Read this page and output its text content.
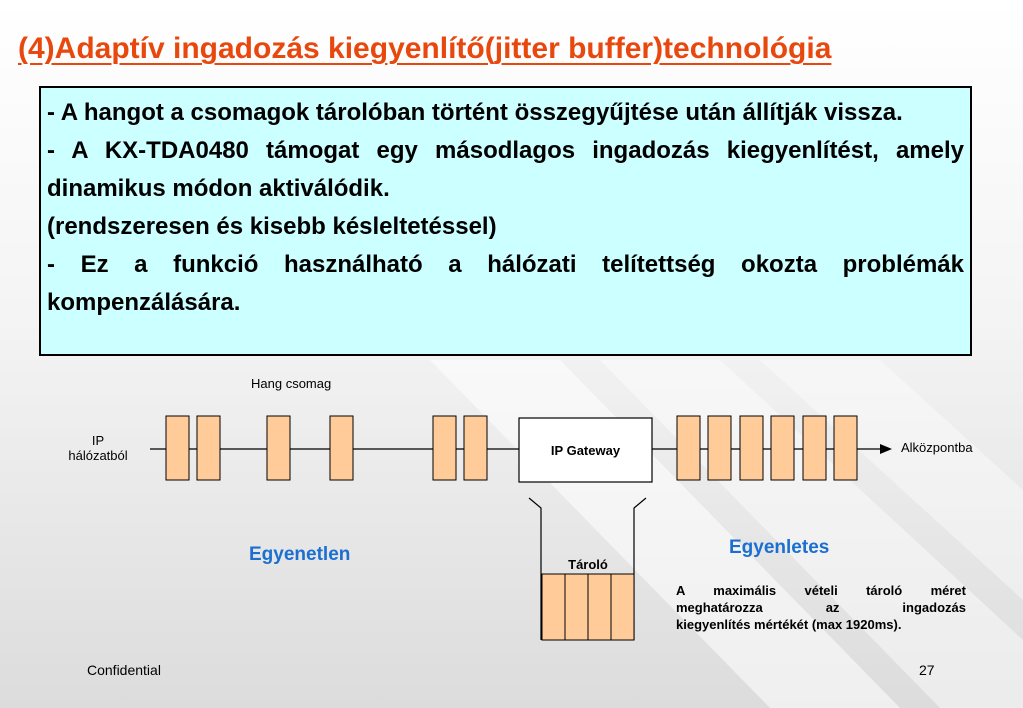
(4)Adaptív ingadozás kiegyenlítő(jitter buffer)technológia
- A hangot a csomagok tárolóban történt összegyűjtése után állítják vissza.
- A KX-TDA0480 támogat egy másodlagos ingadozás kiegyenlítést, amely dinamikus módon aktiválódik.
(rendszeresen és kisebb késleltetéssel)
- Ez a funkció használható a hálózati telítettség okozta problémák kompenzálására.
Hang csomag
IP
hálózatból	IP Gateway	Alközpontba
Egyenetlen	Egyenletes
Tároló
A maximális vételi tároló méret
meghatározza az ingadozás
kiegyenlítés mértékét (max 1920ms).
Confidential	27
